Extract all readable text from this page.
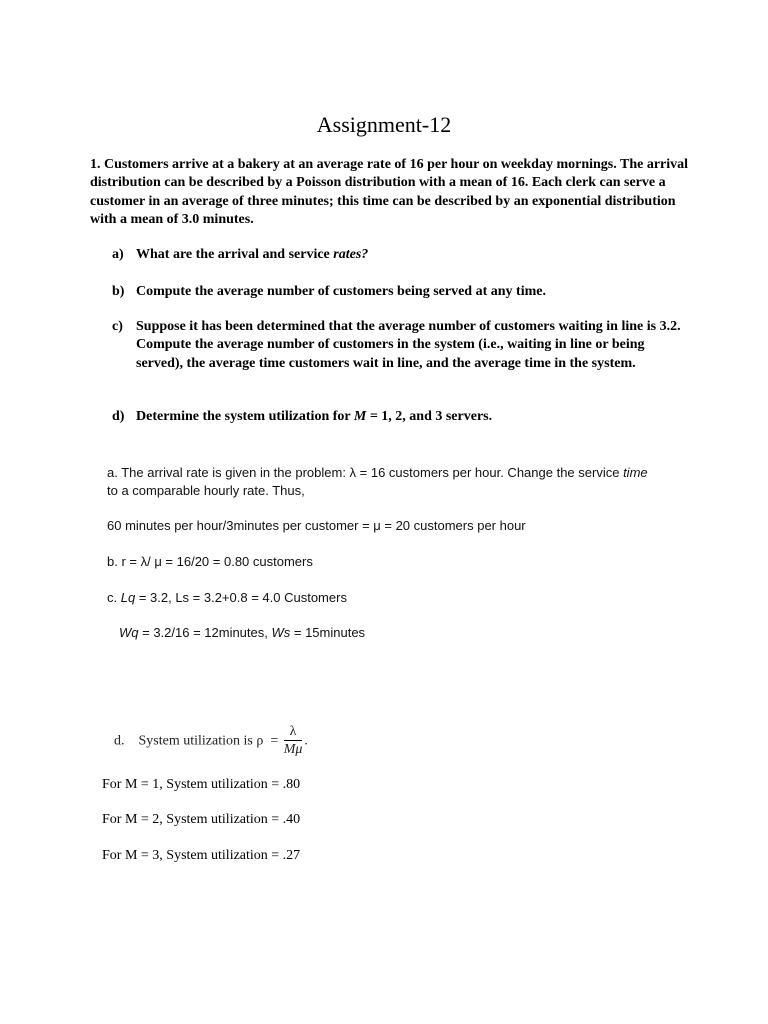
Assignment-12
1. Customers arrive at a bakery at an average rate of 16 per hour on weekday mornings. The arrival distribution can be described by a Poisson distribution with a mean of 16. Each clerk can serve a customer in an average of three minutes; this time can be described by an exponential distribution with a mean of 3.0 minutes.
a) What are the arrival and service rates?
b) Compute the average number of customers being served at any time.
c) Suppose it has been determined that the average number of customers waiting in line is 3.2. Compute the average number of customers in the system (i.e., waiting in line or being served), the average time customers wait in line, and the average time in the system.
d) Determine the system utilization for M = 1, 2, and 3 servers.
a. The arrival rate is given in the problem: λ = 16 customers per hour. Change the service time
to a comparable hourly rate. Thus,
60 minutes per hour/3minutes per customer = μ = 20 customers per hour
b. r = λ/ μ = 16/20 = 0.80 customers
c. Lq = 3.2, Ls = 3.2+0.8 = 4.0 Customers
Wq = 3.2/16 = 12minutes, Ws = 15minutes

d.    System utilization is $\rho = \frac{\lambda}{M\mu}$ .

For M = 1, System utilization = .80
For M = 2, System utilization = .40
For M = 3, System utilization = .27
